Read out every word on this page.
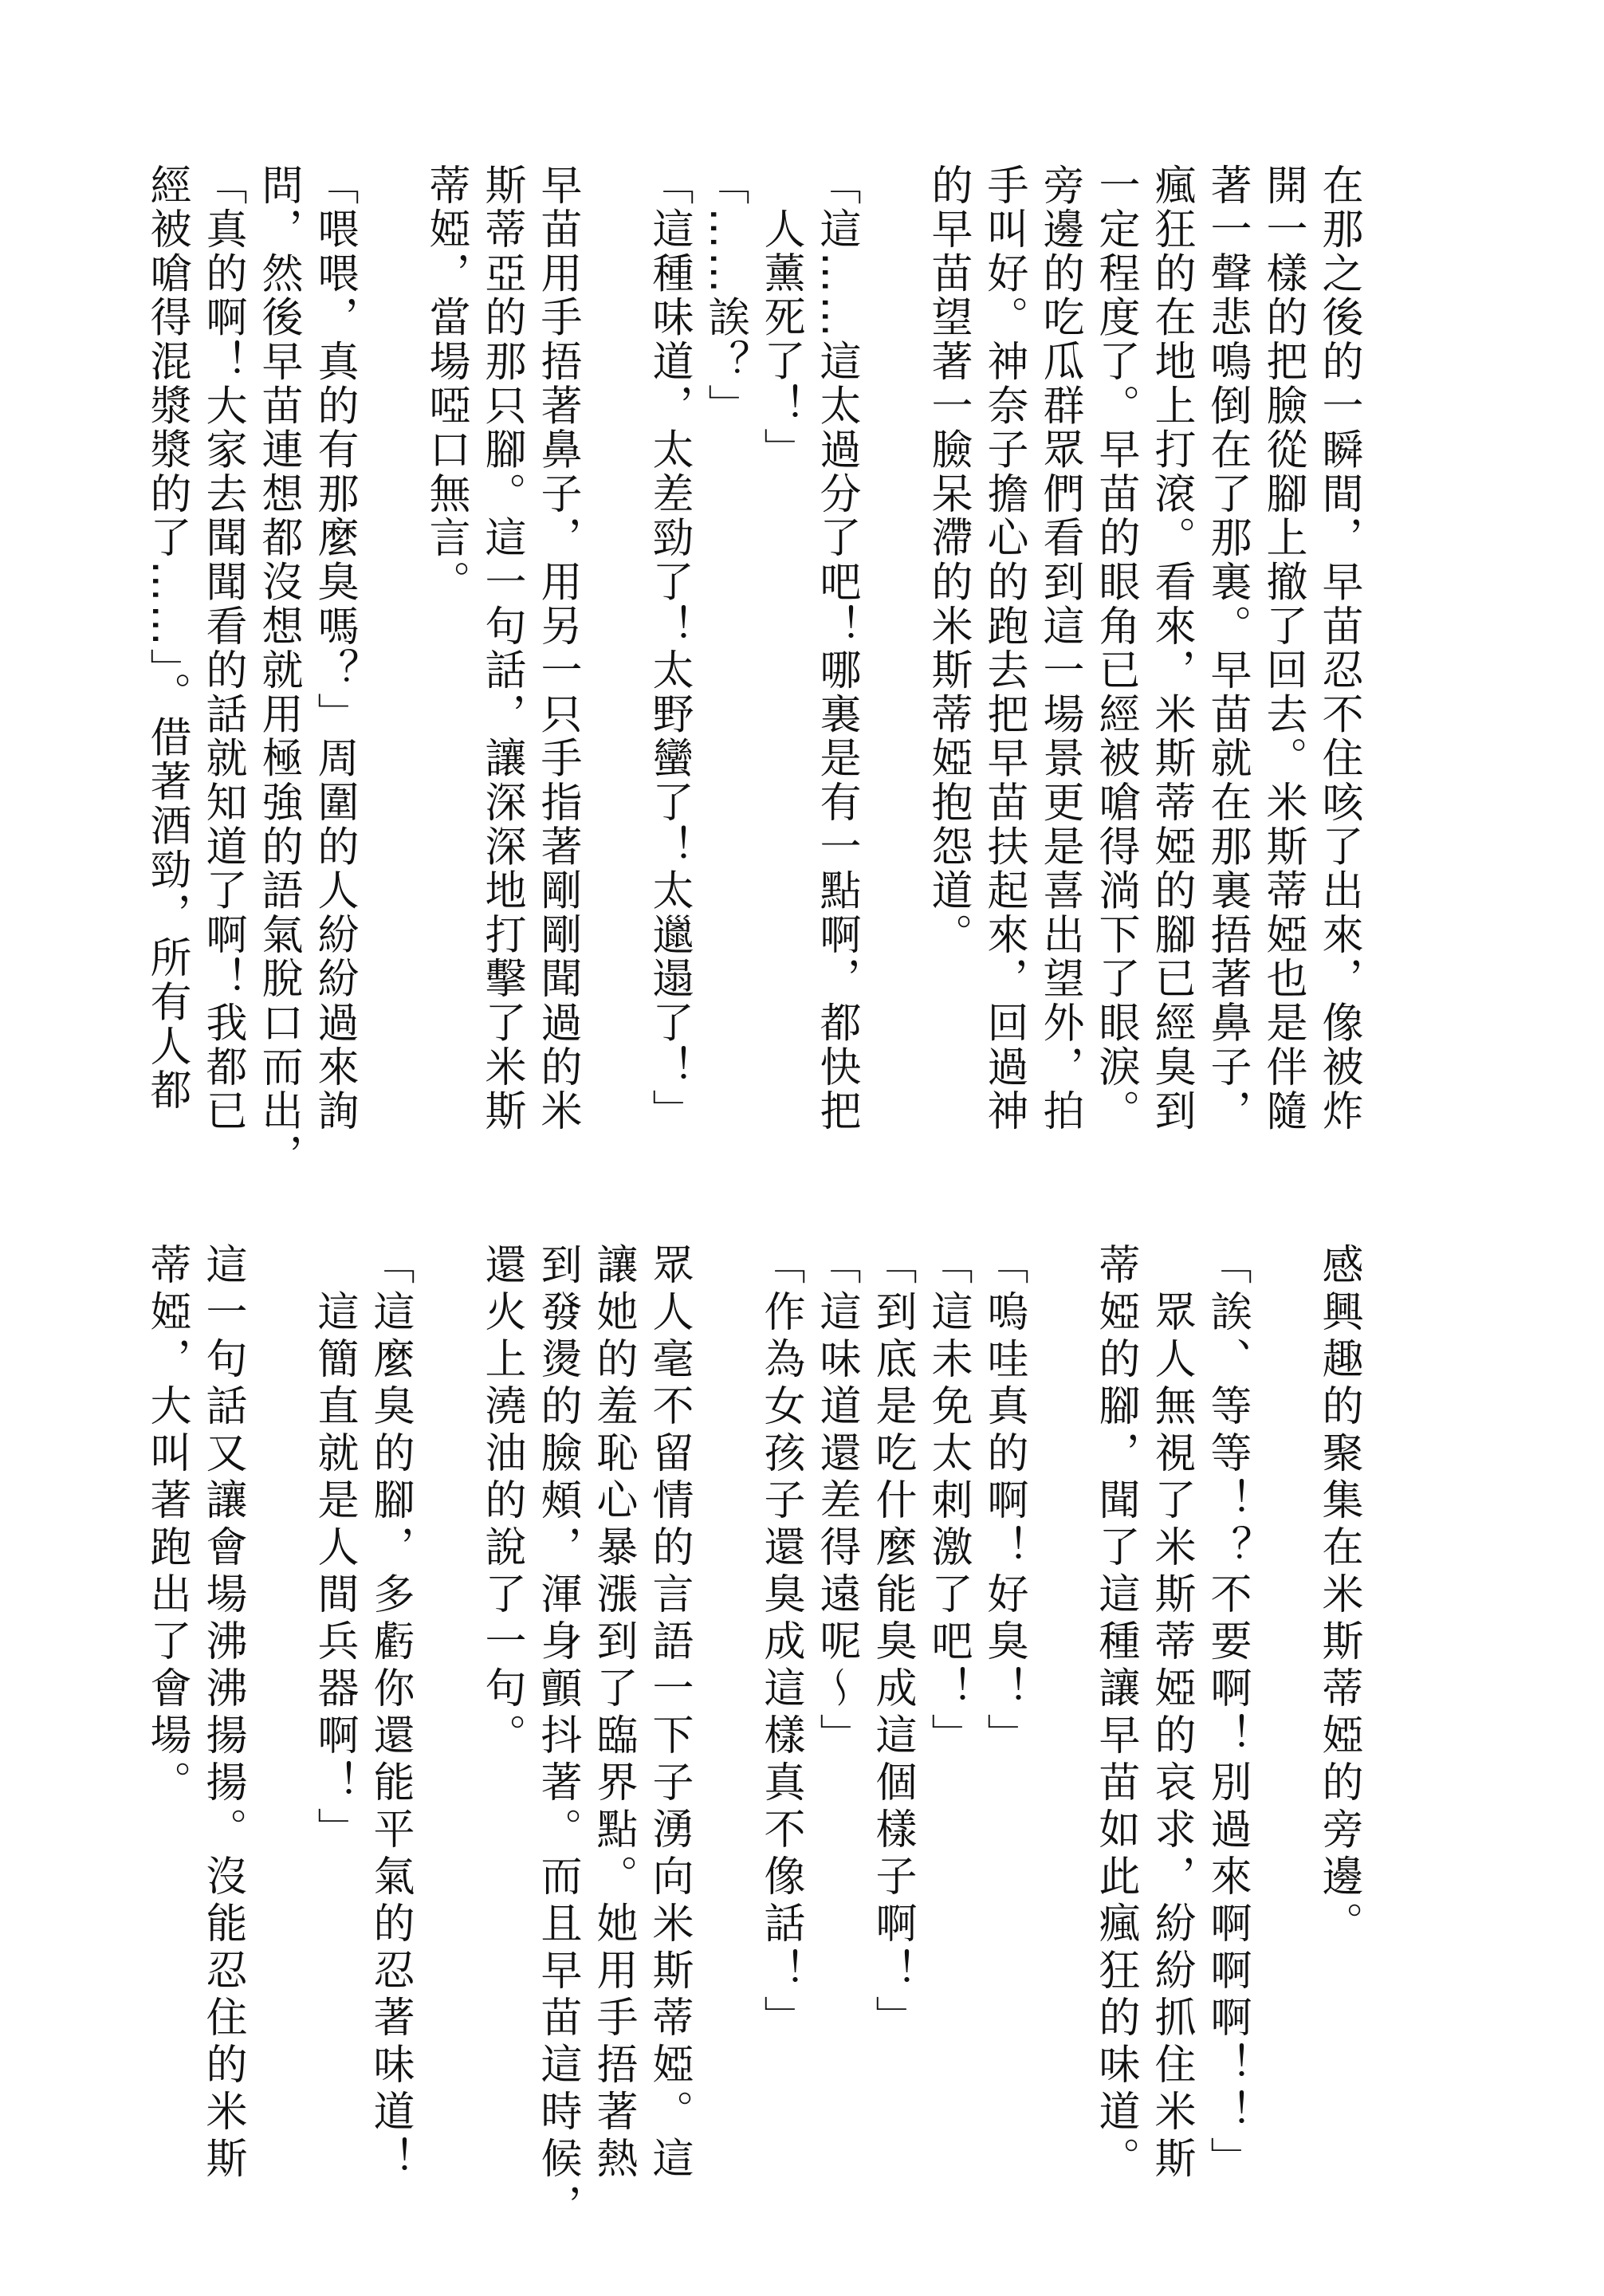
在那之後的一瞬間，早苗忍不住咳了出來，像被炸
開一樣的把臉從腳上撤了回去。米斯蒂婭也是伴隨
著一聲悲鳴倒在了那裏。早苗就在那裏捂著鼻子，
瘋狂的在地上打滾。看來，米斯蒂婭的腳已經臭到
一定程度了。早苗的眼角已經被嗆得淌下了眼淚。
旁邊的吃瓜群眾們看到這一場景更是喜出望外，拍
手叫好。神奈子擔心的跑去把早苗扶起來，回過神
的早苗望著一臉呆滯的米斯蒂婭抱怨道。
「這……這太過分了吧！哪裏是有一點啊，都快把
人薰死了！」
「……誒？」
「這種味道，太差勁了！太野蠻了！太邋遢了！」
早苗用手捂著鼻子，用另一只手指著剛剛聞過的米
斯蒂亞的那只腳。這一句話，讓深深地打擊了米斯
蒂婭，當場啞口無言。
「喂喂，真的有那麼臭嗎？」周圍的人紛紛過來詢
問，然後早苗連想都沒想就用極強的語氣脫口而出，
「真的啊！大家去聞聞看的話就知道了啊！我都已
經被嗆得混漿漿的了……」。借著酒勁，所有人都
感興趣的聚集在米斯蒂婭的旁邊。
「誒、等等！？不要啊！別過來啊啊啊！！」
眾人無視了米斯蒂婭的哀求，紛紛抓住米斯
蒂婭的腳，聞了這種讓早苗如此瘋狂的味道。
「嗚哇真的啊！好臭！」
「這未免太刺激了吧！」
「到底是吃什麼能臭成這個樣子啊！」
「這味道還差得遠呢～」
「作為女孩子還臭成這樣真不像話！」
眾人毫不留情的言語一下子湧向米斯蒂婭。這
讓她的羞恥心暴漲到了臨界點。她用手捂著熱
到發燙的臉頰，渾身顫抖著。而且早苗這時候，
還火上澆油的說了一句。
「這麼臭的腳，多虧你還能平氣的忍著味道！
這簡直就是人間兵器啊！」
這一句話又讓會場沸沸揚揚。沒能忍住的米斯
蒂婭，大叫著跑出了會場。
